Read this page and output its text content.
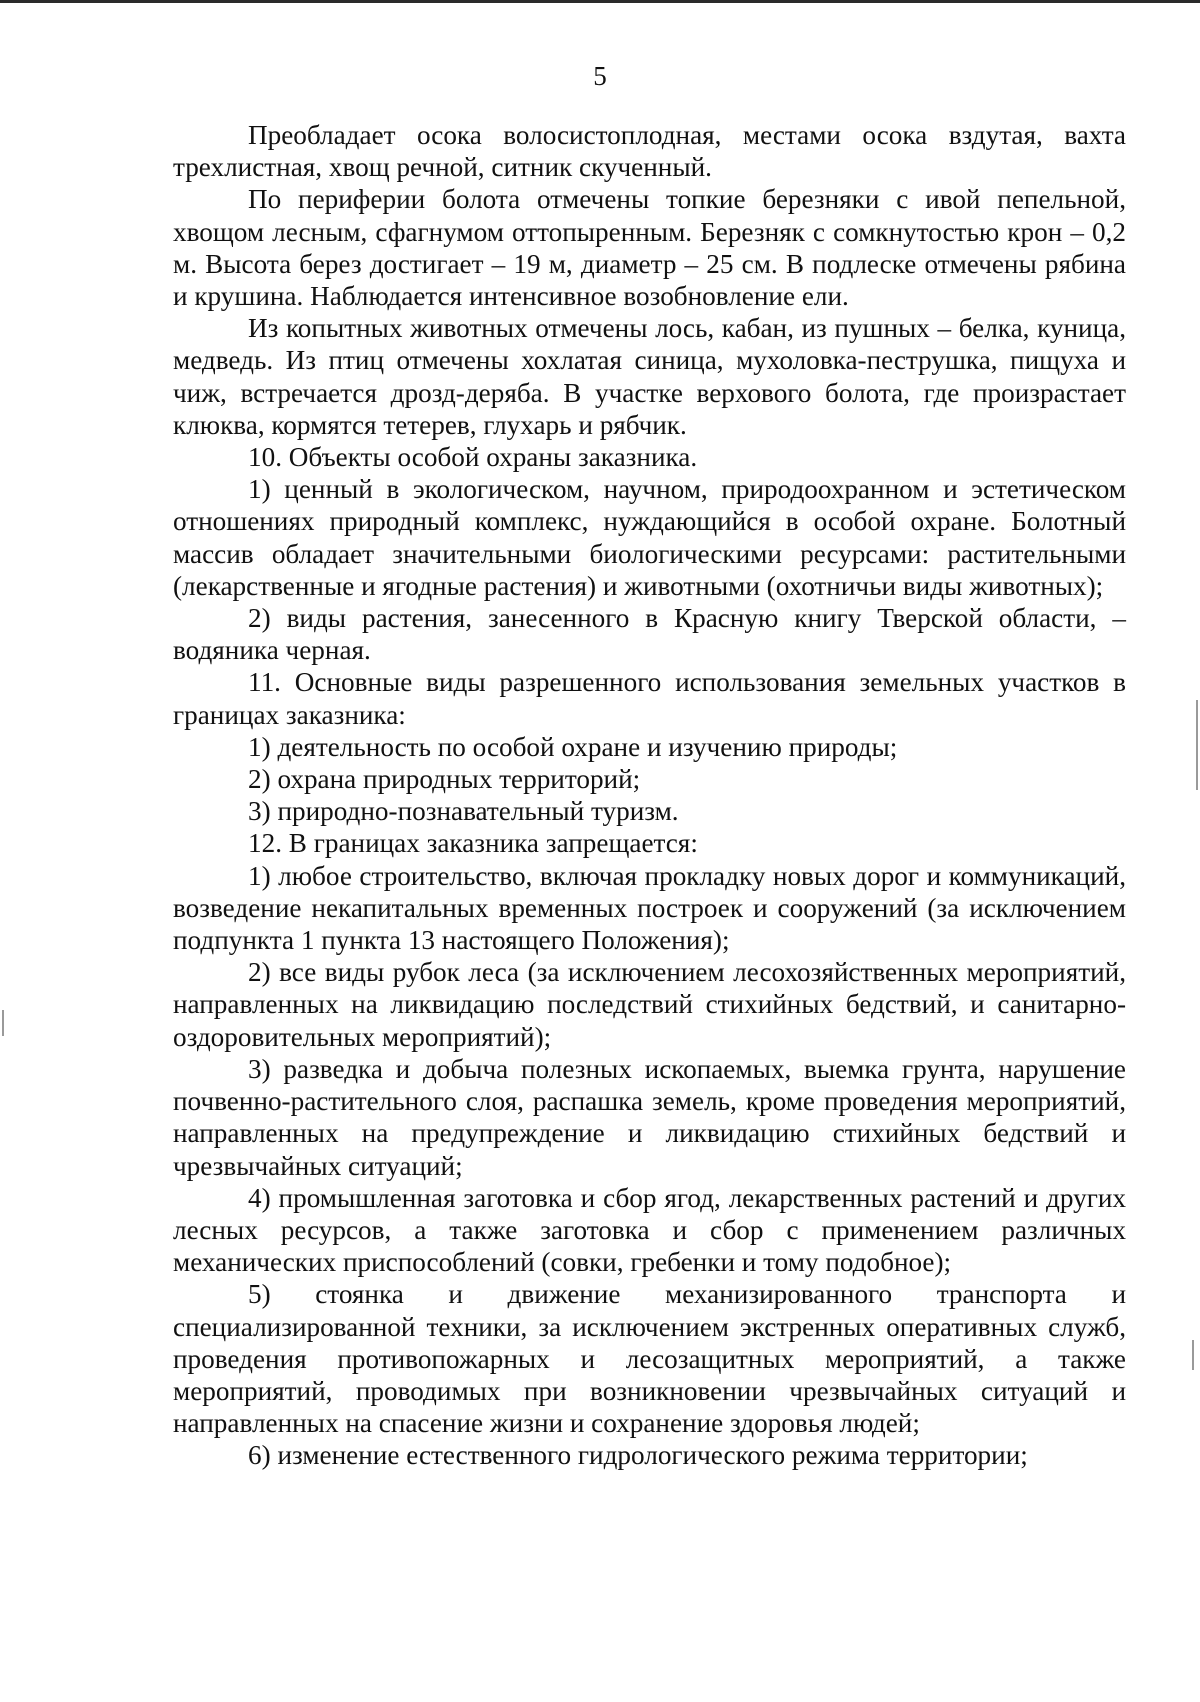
5

Преобладает осока волосистоплодная, местами осока вздутая, вахта трехлистная, хвощ речной, ситник скученный.

По периферии болота отмечены топкие березняки с ивой пепельной, хвощом лесным, сфагнумом оттопыренным. Березняк с сомкнутостью крон – 0,2 м. Высота берез достигает – 19 м, диаметр – 25 см. В подлеске отмечены рябина и крушина. Наблюдается интенсивное возобновление ели.

Из копытных животных отмечены лось, кабан, из пушных – белка, куница, медведь. Из птиц отмечены хохлатая синица, мухоловка-пеструшка, пищуха и чиж, встречается дрозд-деряба. В участке верхового болота, где произрастает клюква, кормятся тетерев, глухарь и рябчик.

10. Объекты особой охраны заказника.

1) ценный в экологическом, научном, природоохранном и эстетическом отношениях природный комплекс, нуждающийся в особой охране. Болотный массив обладает значительными биологическими ресурсами: растительными (лекарственные и ягодные растения) и животными (охотничьи виды животных);

2) виды растения, занесенного в Красную книгу Тверской области, – водяника черная.

11. Основные виды разрешенного использования земельных участков в границах заказника:

1) деятельность по особой охране и изучению природы;

2) охрана природных территорий;

3) природно-познавательный туризм.

12. В границах заказника запрещается:

1) любое строительство, включая прокладку новых дорог и коммуникаций, возведение некапитальных временных построек и сооружений (за исключением подпункта 1 пункта 13 настоящего Положения);

2) все виды рубок леса (за исключением лесохозяйственных мероприятий, направленных на ликвидацию последствий стихийных бедствий, и санитарно-оздоровительных мероприятий);

3) разведка и добыча полезных ископаемых, выемка грунта, нарушение почвенно-растительного слоя, распашка земель, кроме проведения мероприятий, направленных на предупреждение и ликвидацию стихийных бедствий и чрезвычайных ситуаций;

4) промышленная заготовка и сбор ягод, лекарственных растений и других лесных ресурсов, а также заготовка и сбор с применением различных механических приспособлений (совки, гребенки и тому подобное);

5) стоянка и движение механизированного транспорта и специализированной техники, за исключением экстренных оперативных служб, проведения противопожарных и лесозащитных мероприятий, а также мероприятий, проводимых при возникновении чрезвычайных ситуаций и направленных на спасение жизни и сохранение здоровья людей;

6) изменение естественного гидрологического режима территории;
